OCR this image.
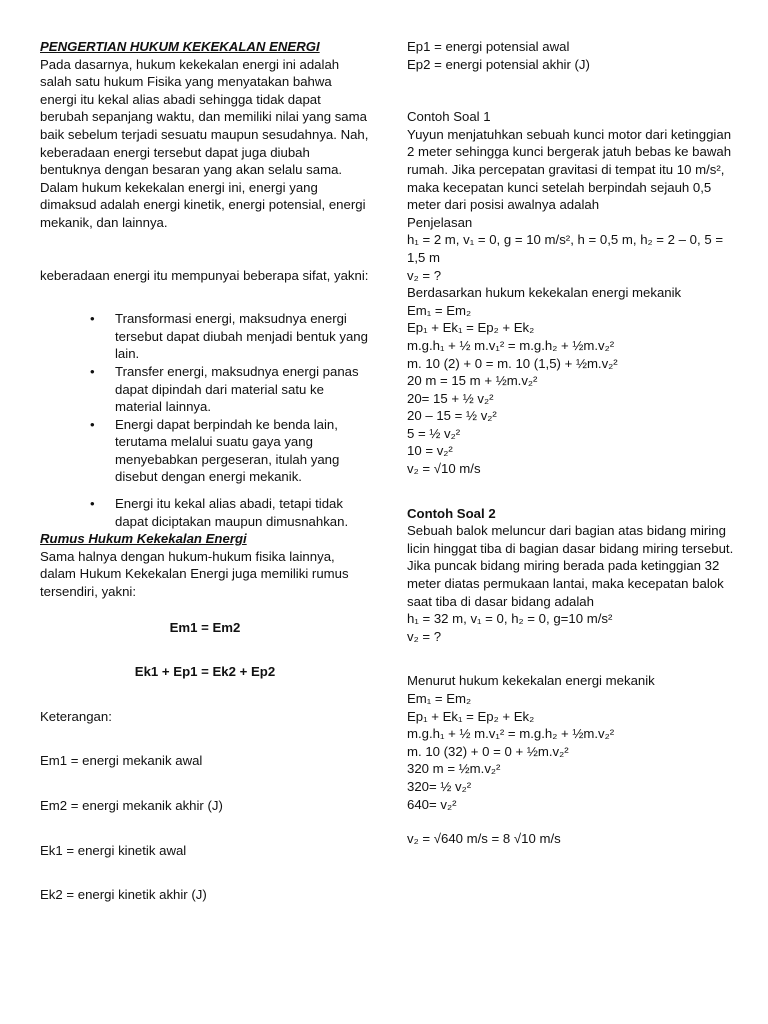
PENGERTIAN HUKUM KEKEKALAN ENERGI

Pada dasarnya, hukum kekekalan energi ini adalah salah satu hukum Fisika yang menyatakan bahwa energi itu kekal alias abadi sehingga tidak dapat berubah sepanjang waktu, dan memiliki nilai yang sama baik sebelum terjadi sesuatu maupun sesudahnya. Nah, keberadaan energi tersebut dapat juga diubah bentuknya dengan besaran yang akan selalu sama. Dalam hukum kekekalan energi ini, energi yang dimaksud adalah energi kinetik, energi potensial, energi mekanik, dan lainnya.

keberadaan energi itu mempunyai beberapa sifat, yakni:

• Transformasi energi, maksudnya energi tersebut dapat diubah menjadi bentuk yang lain.
• Transfer energi, maksudnya energi panas dapat dipindah dari material satu ke material lainnya.
• Energi dapat berpindah ke benda lain, terutama melalui suatu gaya yang menyebabkan pergeseran, itulah yang disebut dengan energi mekanik.
• Energi itu kekal alias abadi, tetapi tidak dapat diciptakan maupun dimusnahkan.

Rumus Hukum Kekekalan Energi

Sama halnya dengan hukum-hukum fisika lainnya, dalam Hukum Kekekalan Energi juga memiliki rumus tersendiri, yakni:

Em1 = Em2

Ek1 + Ep1 = Ek2 + Ep2

Keterangan:

Em1 = energi mekanik awal

Em2 = energi mekanik akhir (J)

Ek1 = energi kinetik awal

Ek2 = energi kinetik akhir (J)

Ep1 = energi potensial awal

Ep2 = energi potensial akhir (J)

Contoh Soal 1

Yuyun menjatuhkan sebuah kunci motor dari ketinggian 2 meter sehingga kunci bergerak jatuh bebas ke bawah rumah. Jika percepatan gravitasi di tempat itu 10 m/s², maka kecepatan kunci setelah berpindah sejauh 0,5 meter dari posisi awalnya adalah

Penjelasan

h₁ = 2 m, v₁ = 0, g = 10 m/s², h = 0,5 m, h₂ = 2 – 0, 5 = 1,5 m

v₂ = ?

Berdasarkan hukum kekekalan energi mekanik

Em₁ = Em₂

Ep₁ + Ek₁ = Ep₂ + Ek₂

m.g.h₁ + ½ m.v₁² = m.g.h₂ + ½m.v₂²

m. 10 (2) + 0 = m. 10 (1,5) + ½m.v₂²

20 m = 15 m + ½m.v₂²

20= 15 + ½ v₂²

20 – 15 = ½ v₂²

5 = ½ v₂²

10 = v₂²

v₂ = √10 m/s

Contoh Soal 2

Sebuah balok meluncur dari bagian atas bidang miring licin hinggat tiba di bagian dasar bidang miring tersebut. Jika puncak bidang miring berada pada ketinggian 32 meter diatas permukaan lantai, maka kecepatan balok saat tiba di dasar bidang adalah

h₁ = 32 m, v₁ = 0, h₂ = 0, g=10 m/s²

v₂ = ?

Menurut hukum kekekalan energi mekanik

Em₁ = Em₂

Ep₁ + Ek₁ = Ep₂ + Ek₂

m.g.h₁ + ½ m.v₁² = m.g.h₂ + ½m.v₂²

m. 10 (32) + 0 = 0 + ½m.v₂²

320 m = ½m.v₂²

320= ½ v₂²

640= v₂²

v₂ = √640 m/s = 8 √10 m/s
